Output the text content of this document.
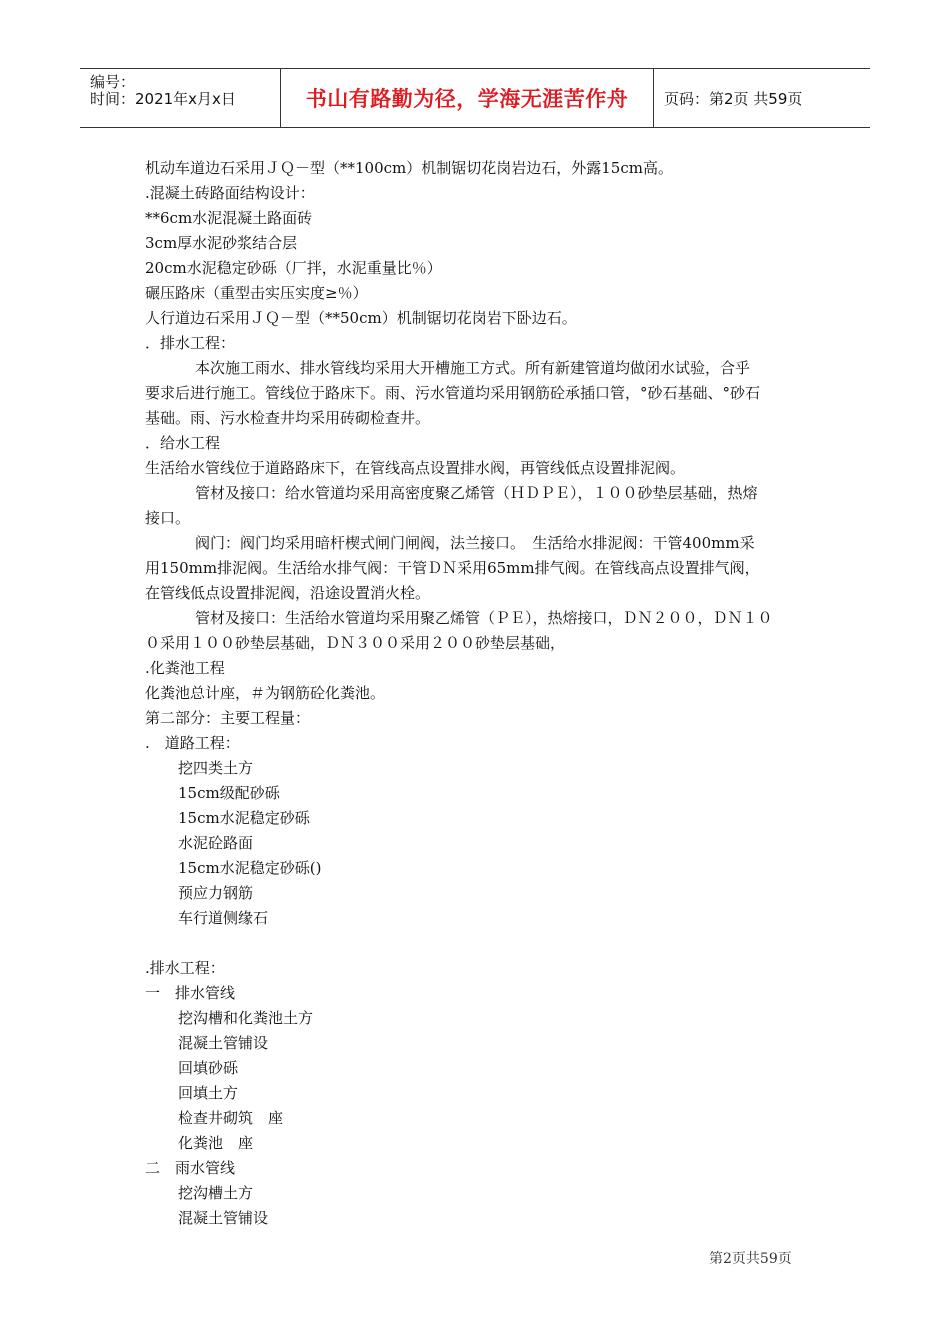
编号：
时间：2021年x月x日	书山有路勤为径，学海无涯苦作舟 页码：第2页 共59页
机动车道边石采用ＪＱ－型（**100cm）机制锯切花岗岩边石，外露15cm高。
.混凝土砖路面结构设计：
**6cm水泥混凝土路面砖
3cm厚水泥砂浆结合层
20cm水泥稳定砂砾（厂拌，水泥重量比％）
碾压路床（重型击实压实度≥％）
人行道边石采用ＪＱ－型（**50cm）机制锯切花岗岩下卧边石。
．排水工程：
本次施工雨水、排水管线均采用大开槽施工方式。所有新建管道均做闭水试验，合乎
要求后进行施工。管线位于路床下。雨、污水管道均采用钢筋砼承插口管，°砂石基础、°砂石
基础。雨、污水检查井均采用砖砌检查井。
．给水工程
生活给水管线位于道路路床下，在管线高点设置排水阀，再管线低点设置排泥阀。
管材及接口：给水管道均采用高密度聚乙烯管（ＨＤＰＥ），１００砂垫层基础，热熔
接口。
阀门：阀门均采用暗杆楔式闸门闸阀，法兰接口。　生活给水排泥阀：干管400mm采
用150mm排泥阀。生活给水排气阀：干管ＤＮ采用65mm排气阀。在管线高点设置排气阀，
在管线低点设置排泥阀，沿途设置消火栓。
管材及接口：生活给水管道均采用聚乙烯管（ＰＥ），热熔接口，ＤＮ２００，ＤＮ１０
０采用１００砂垫层基础，ＤＮ３００采用２００砂垫层基础，
.化粪池工程
化粪池总计座，＃为钢筋砼化粪池。
第二部分：主要工程量：
.　道路工程：
挖四类土方
15cm级配砂砾
15cm水泥稳定砂砾
水泥砼路面
15cm水泥稳定砂砾()
预应力钢筋
车行道侧缘石
.排水工程：
一　排水管线
挖沟槽和化粪池土方
混凝土管铺设
回填砂砾
回填土方
检查井砌筑　座
化粪池　座
二　雨水管线
挖沟槽土方
混凝土管铺设
第2页共59页
